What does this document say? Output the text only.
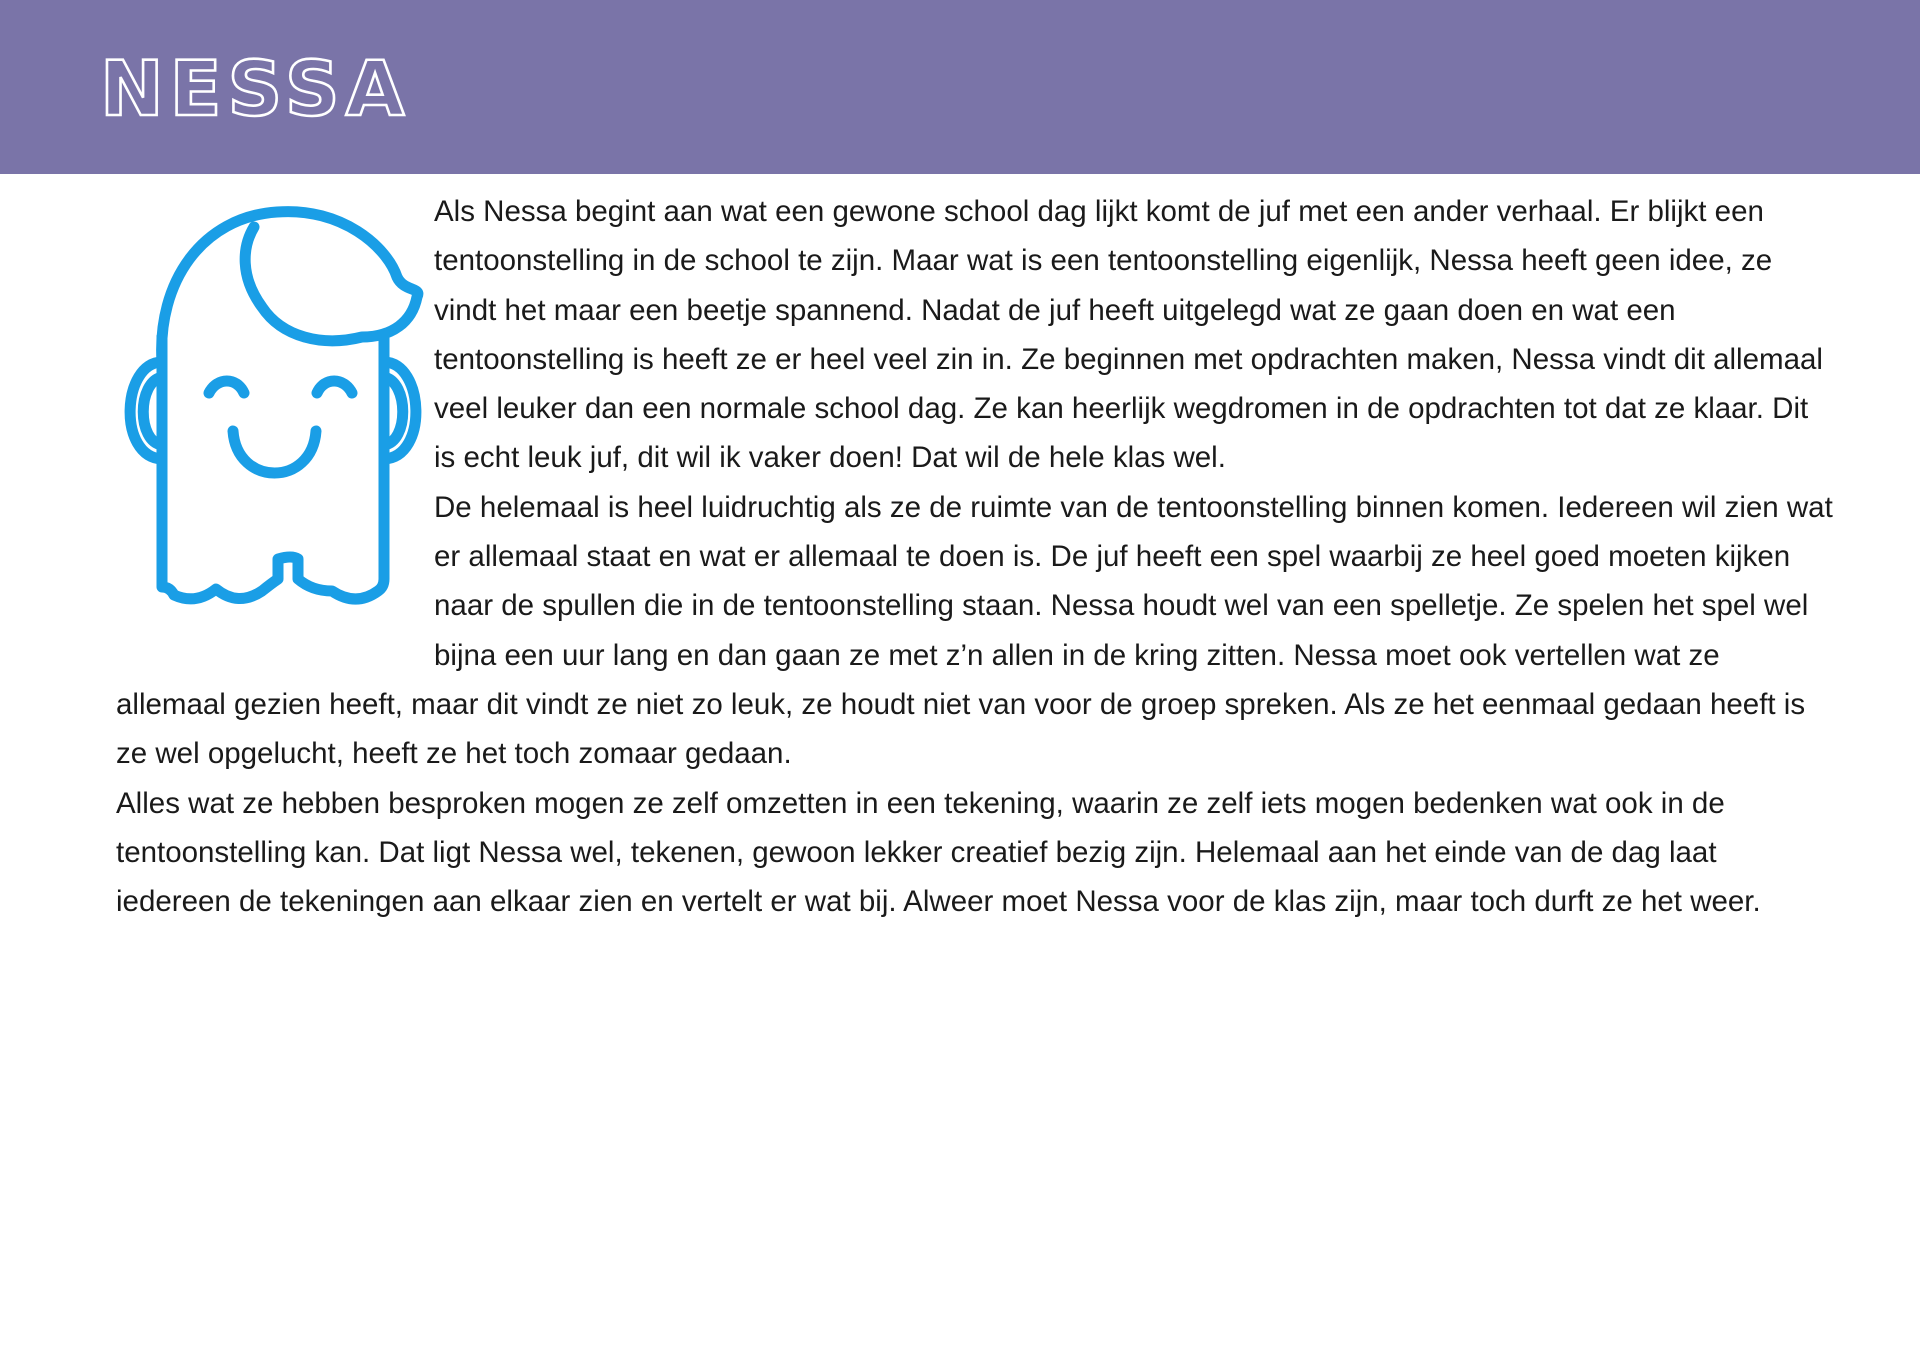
NESSA

Als Nessa begint aan wat een gewone school dag lijkt komt de juf met een ander verhaal. Er blijkt een tentoonstelling in de school te zijn. Maar wat is een tentoonstelling eigenlijk, Nessa heeft geen idee, ze vindt het maar een beetje spannend. Nadat de juf heeft uitgelegd wat ze gaan doen en wat een tentoonstelling is heeft ze er heel veel zin in. Ze beginnen met opdrachten maken, Nessa vindt dit allemaal veel leuker dan een normale school dag. Ze kan heerlijk wegdromen in de opdrachten tot dat ze klaar. Dit is echt leuk juf, dit wil ik vaker doen! Dat wil de hele klas wel.

De helemaal is heel luidruchtig als ze de ruimte van de tentoonstelling binnen komen. Iedereen wil zien wat er allemaal staat en wat er allemaal te doen is. De juf heeft een spel waarbij ze heel goed moeten kijken naar de spullen die in de tentoonstelling staan. Nessa houdt wel van een spelletje. Ze spelen het spel wel bijna een uur lang en dan gaan ze met z’n allen in de kring zitten. Nessa moet ook vertellen wat ze allemaal gezien heeft, maar dit vindt ze niet zo leuk, ze houdt niet van voor de groep spreken. Als ze het eenmaal gedaan heeft is ze wel opgelucht, heeft ze het toch zomaar gedaan.

Alles wat ze hebben besproken mogen ze zelf omzetten in een tekening, waarin ze zelf iets mogen bedenken wat ook in de tentoonstelling kan. Dat ligt Nessa wel, tekenen, gewoon lekker creatief bezig zijn. Helemaal aan het einde van de dag laat iedereen de tekeningen aan elkaar zien en vertelt er wat bij. Alweer moet Nessa voor de klas zijn, maar toch durft ze het weer.
